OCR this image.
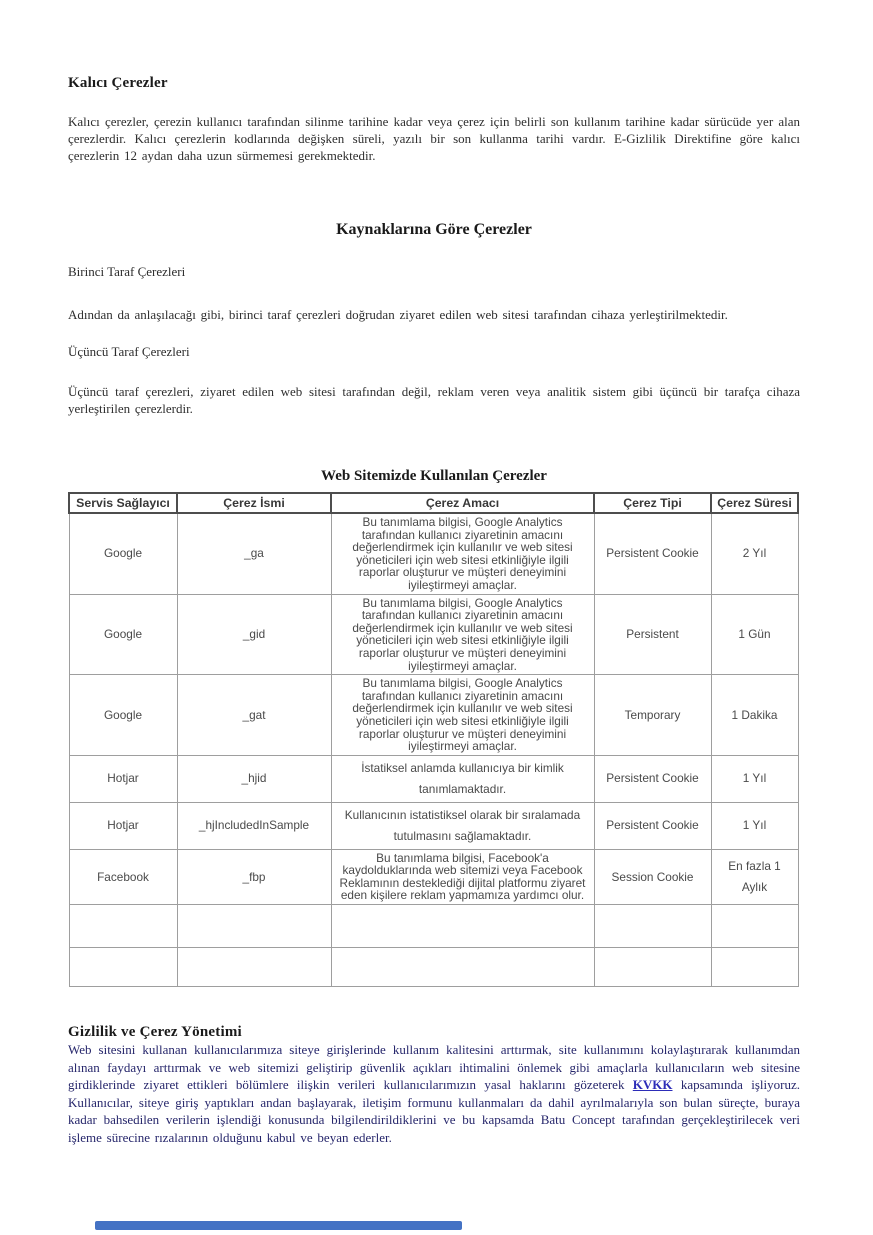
Kalıcı Çerezler

Kalıcı çerezler, çerezin kullanıcı tarafından silinme tarihine kadar veya çerez için belirli son kullanım tarihine kadar sürücüde yer alan çerezlerdir. Kalıcı çerezlerin kodlarında değişken süreli, yazılı bir son kullanma tarihi vardır. E-Gizlilik Direktifine göre kalıcı çerezlerin 12 aydan daha uzun sürmemesi gerekmektedir.

Kaynaklarına Göre Çerezler
Birinci Taraf Çerezleri

Adından da anlaşılacağı gibi, birinci taraf çerezleri doğrudan ziyaret edilen web sitesi tarafından cihaza yerleştirilmektedir.

Üçüncü Taraf Çerezleri

Üçüncü taraf çerezleri, ziyaret edilen web sitesi tarafından değil, reklam veren veya analitik sistem gibi üçüncü bir tarafça cihaza yerleştirilen çerezlerdir.

Web Sitemizde Kullanılan Çerezler
Servis Sağlayıcı	Çerez İsmi	Çerez Amacı	Çerez Tipi	Çerez Süresi
Google	_ga	Bu tanımlama bilgisi, Google Analytics tarafından kullanıcı ziyaretinin amacını değerlendirmek için kullanılır ve web sitesi yöneticileri için web sitesi etkinliğiyle ilgili raporlar oluşturur ve müşteri deneyimini iyileştirmeyi amaçlar.	Persistent Cookie	2 Yıl
Google	_gid	Bu tanımlama bilgisi, Google Analytics tarafından kullanıcı ziyaretinin amacını değerlendirmek için kullanılır ve web sitesi yöneticileri için web sitesi etkinliğiyle ilgili raporlar oluşturur ve müşteri deneyimini iyileştirmeyi amaçlar.	Persistent	1 Gün
Google	_gat	Bu tanımlama bilgisi, Google Analytics tarafından kullanıcı ziyaretinin amacını değerlendirmek için kullanılır ve web sitesi yöneticileri için web sitesi etkinliğiyle ilgili raporlar oluşturur ve müşteri deneyimini iyileştirmeyi amaçlar.	Temporary	1 Dakika
Hotjar	_hjid	İstatiksel anlamda kullanıcıya bir kimlik tanımlamaktadır.	Persistent Cookie	1 Yıl
Hotjar	_hjIncludedInSample	Kullanıcının istatistiksel olarak bir sıralamada tutulmasını sağlamaktadır.	Persistent Cookie	1 Yıl
Facebook	_fbp	Bu tanımlama bilgisi, Facebook'a kaydolduklarında web sitemizi veya Facebook Reklamının desteklediği dijital platformu ziyaret eden kişilere reklam yapmamıza yardımcı olur.	Session Cookie	En fazla 1 Aylık

Gizlilik ve Çerez Yönetimi

Web sitesini kullanan kullanıcılarımıza siteye girişlerinde kullanım kalitesini arttırmak, site kullanımını kolaylaştırarak kullanımdan alınan faydayı arttırmak ve web sitemizi geliştirip güvenlik açıkları ihtimalini önlemek gibi amaçlarla kullanıcıların web sitesine girdiklerinde ziyaret ettikleri bölümlere ilişkin verileri kullanıcılarımızın yasal haklarını gözeterek KVKK kapsamında işliyoruz. Kullanıcılar, siteye giriş yaptıkları andan başlayarak, iletişim formunu kullanmaları da dahil ayrılmalarıyla son bulan süreçte, buraya kadar bahsedilen verilerin işlendiği konusunda bilgilendirildiklerini ve bu kapsamda Batu Concept tarafından gerçekleştirilecek veri işleme sürecine rızalarının olduğunu kabul ve beyan ederler.
